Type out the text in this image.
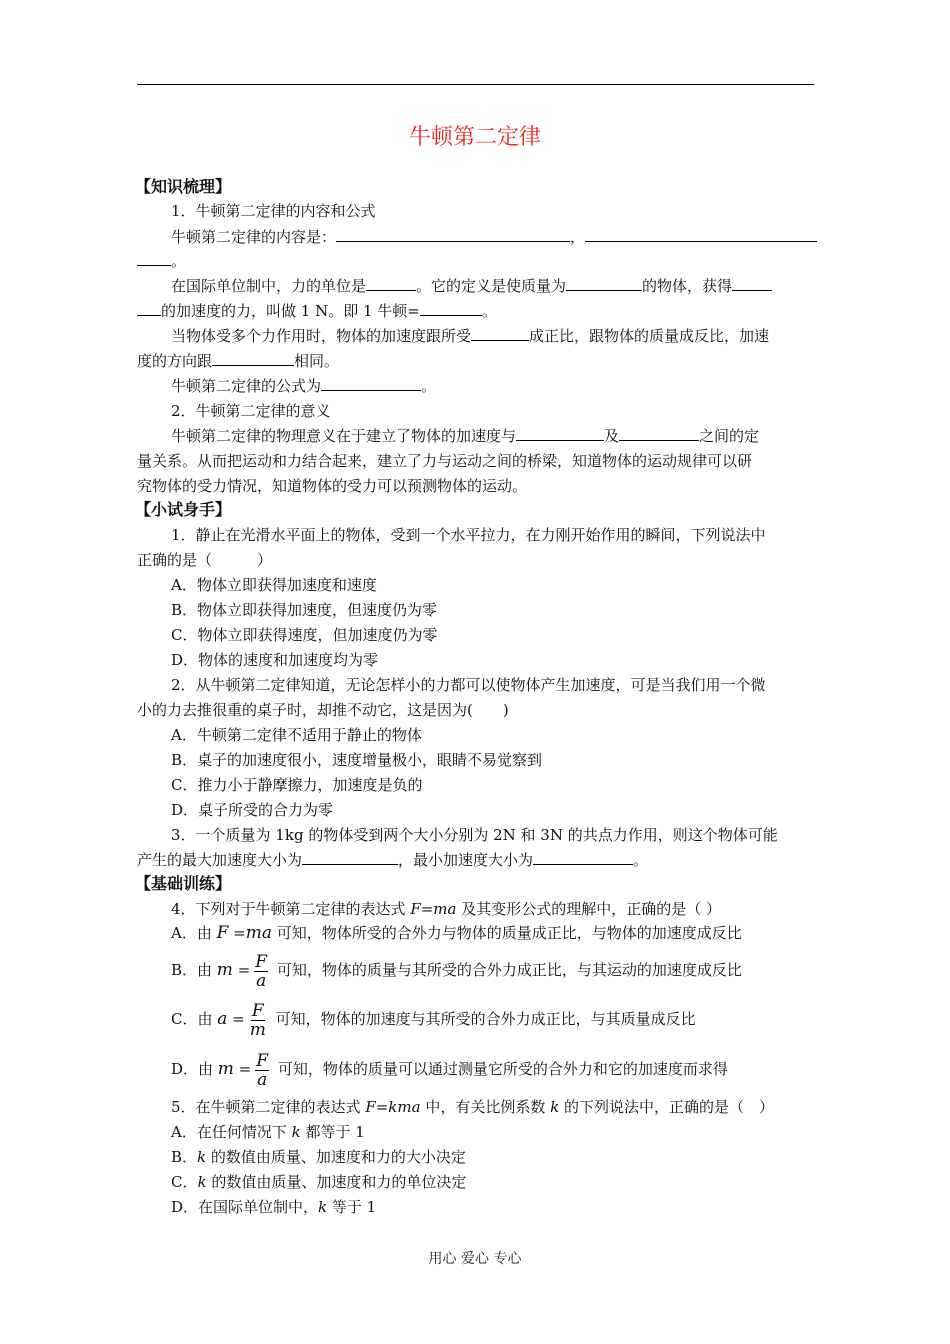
牛顿第二定律
【知识梳理】
1．牛顿第二定律的内容和公式
牛顿第二定律的内容是：	，
。
在国际单位制中，力的单位是	。它的定义是使质量为	的物体，获得
的加速度的力，叫做 1 N。即 1 牛顿=	。
当物体受多个力作用时，物体的加速度跟所受	成正比，跟物体的质量成反比，加速
度的方向跟	相同。
牛顿第二定律的公式为	。
2．牛顿第二定律的意义
牛顿第二定律的物理意义在于建立了物体的加速度与	及	之间的定
量关系。从而把运动和力结合起来，建立了力与运动之间的桥梁，知道物体的运动规律可以研
究物体的受力情况，知道物体的受力可以预测物体的运动。
【小试身手】
1．静止在光滑水平面上的物体，受到一个水平拉力，在力刚开始作用的瞬间，下列说法中
正确的是（　　　）
A．物体立即获得加速度和速度
B．物体立即获得加速度，但速度仍为零
C．物体立即获得速度，但加速度仍为零
D．物体的速度和加速度均为零
2．从牛顿第二定律知道，无论怎样小的力都可以使物体产生加速度，可是当我们用一个微
小的力去推很重的桌子时，却推不动它，这是因为(　　)
A．牛顿第二定律不适用于静止的物体
B．桌子的加速度很小，速度增量极小，眼睛不易觉察到
C．推力小于静摩擦力，加速度是负的
D．桌子所受的合力为零
3．一个质量为 1kg 的物体受到两个大小分别为 2N 和 3N 的共点力作用，则这个物体可能
产生的最大加速度大小为	，最小加速度大小为	。
【基础训练】
4．下列对于牛顿第二定律的表达式 F=ma 及其变形公式的理解中，正确的是（ ）
A．由 F =ma 可知，物体所受的合外力与物体的质量成正比，与物体的加速度成反比
B．由 $m = \frac{F}{a}$ 可知，物体的质量与其所受的合外力成正比，与其运动的加速度成反比
C．由 $a = \frac{F}{m}$ 可知，物体的加速度与其所受的合外力成正比，与其质量成反比
D．由 $m = \frac{F}{a}$ 可知，物体的质量可以通过测量它所受的合外力和它的加速度而求得
5．在牛顿第二定律的表达式 F=kma 中，有关比例系数 k 的下列说法中，正确的是（　）
A．在任何情况下 k 都等于 1
B．k 的数值由质量、加速度和力的大小决定
C．k 的数值由质量、加速度和力的单位决定
D．在国际单位制中，k 等于 1
用心 爱心 专心
